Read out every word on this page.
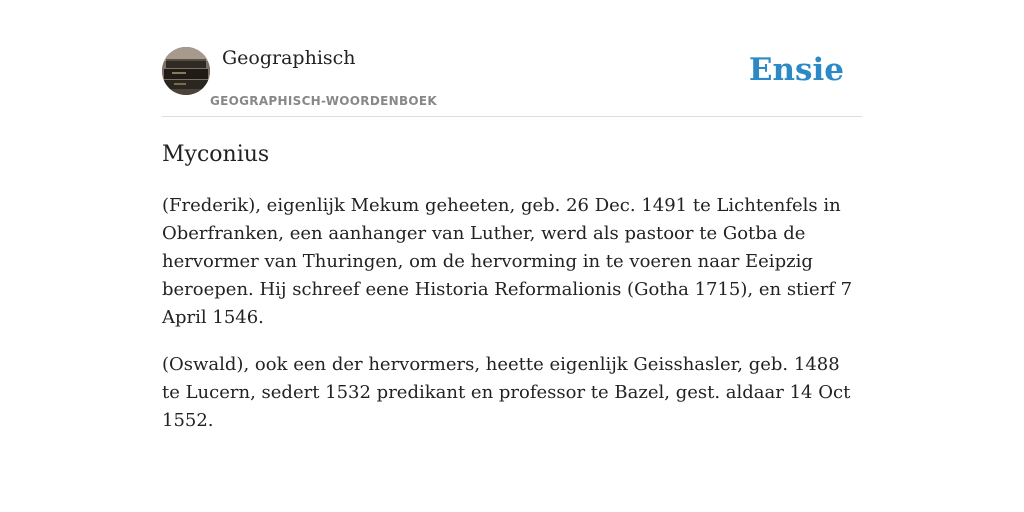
Geographisch
GEOGRAPHISCH-WOORDENBOEK
Ensie
Myconius

(Frederik), eigenlijk Mekum geheeten, geb. 26 Dec. 1491 te Lichtenfels in Oberfranken, een aanhanger van Luther, werd als pastoor te Gotba de hervormer van Thuringen, om de hervorming in te voeren naar Eeipzig beroepen. Hij schreef eene Historia Reformalionis (Gotha 1715), en stierf 7 April 1546.

(Oswald), ook een der hervormers, heette eigenlijk Geisshasler, geb. 1488 te Lucern, sedert 1532 predikant en professor te Bazel, gest. aldaar 14 Oct 1552.
